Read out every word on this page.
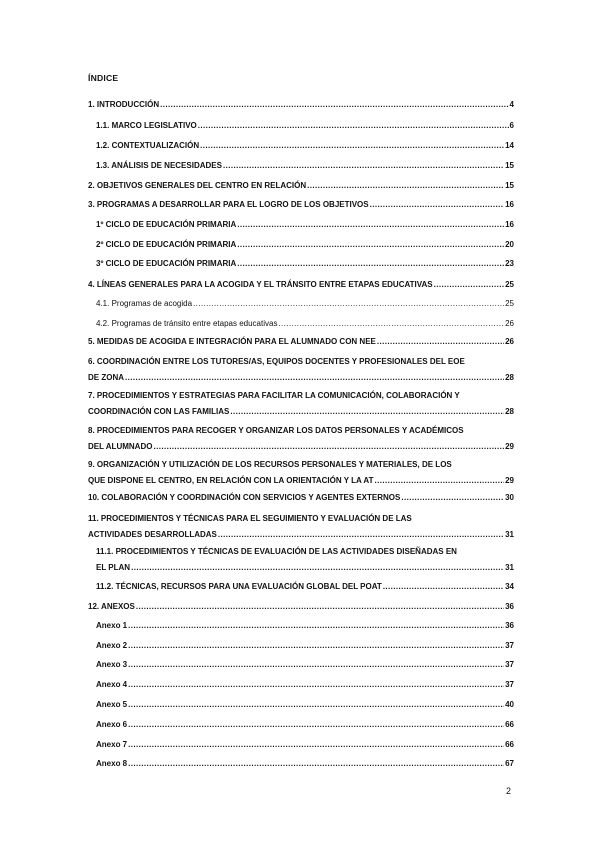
ÍNDICE
1. INTRODUCCIÓN .....	4
1.1. MARCO LEGISLATIVO .....	6
1.2. CONTEXTUALIZACIÓN .....	14
1.3. ANÁLISIS DE NECESIDADES .....	15
2. OBJETIVOS GENERALES DEL CENTRO EN RELACIÓN .....	15
3. PROGRAMAS A DESARROLLAR PARA EL LOGRO DE LOS OBJETIVOS .....	16
1º CICLO DE EDUCACIÓN PRIMARIA .....	16
2º CICLO DE EDUCACIÓN PRIMARIA .....	20
3º CICLO DE EDUCACIÓN PRIMARIA .....	23
4. LÍNEAS GENERALES PARA LA ACOGIDA Y EL TRÁNSITO ENTRE ETAPAS EDUCATIVAS .....	25
4.1. Programas de acogida .....	25
4.2. Programas de tránsito entre etapas educativas .....	26
5. MEDIDAS DE ACOGIDA E INTEGRACIÓN PARA EL ALUMNADO CON NEE .....	26
6. COORDINACIÓN ENTRE LOS TUTORES/AS, EQUIPOS DOCENTES Y PROFESIONALES DEL EOE
DE ZONA .....	28
7. PROCEDIMIENTOS Y ESTRATEGIAS PARA FACILITAR LA COMUNICACIÓN, COLABORACIÓN Y
COORDINACIÓN CON LAS FAMILIAS .....	28
8. PROCEDIMIENTOS PARA RECOGER Y ORGANIZAR LOS DATOS PERSONALES Y ACADÉMICOS
DEL ALUMNADO .....	29
9. ORGANIZACIÓN Y UTILIZACIÓN DE LOS RECURSOS PERSONALES Y MATERIALES, DE LOS
QUE DISPONE EL CENTRO, EN RELACIÓN CON LA ORIENTACIÓN Y LA AT .....	29
10. COLABORACIÓN Y COORDINACIÓN CON SERVICIOS Y AGENTES EXTERNOS .....	30
11. PROCEDIMIENTOS Y TÉCNICAS PARA EL SEGUIMIENTO Y EVALUACIÓN DE LAS
ACTIVIDADES DESARROLLADAS .....	31
11.1. PROCEDIMIENTOS Y TÉCNICAS DE EVALUACIÓN DE LAS ACTIVIDADES DISEÑADAS EN
EL PLAN .....	31
11.2. TÉCNICAS, RECURSOS PARA UNA EVALUACIÓN GLOBAL DEL POAT .....	34
12. ANEXOS .....	36
Anexo 1 .....	36
Anexo 2 .....	37
Anexo 3 .....	37
Anexo 4 .....	37
Anexo 5 .....	40
Anexo 6 .....	66
Anexo 7 .....	66
Anexo 8 .....	67
2
